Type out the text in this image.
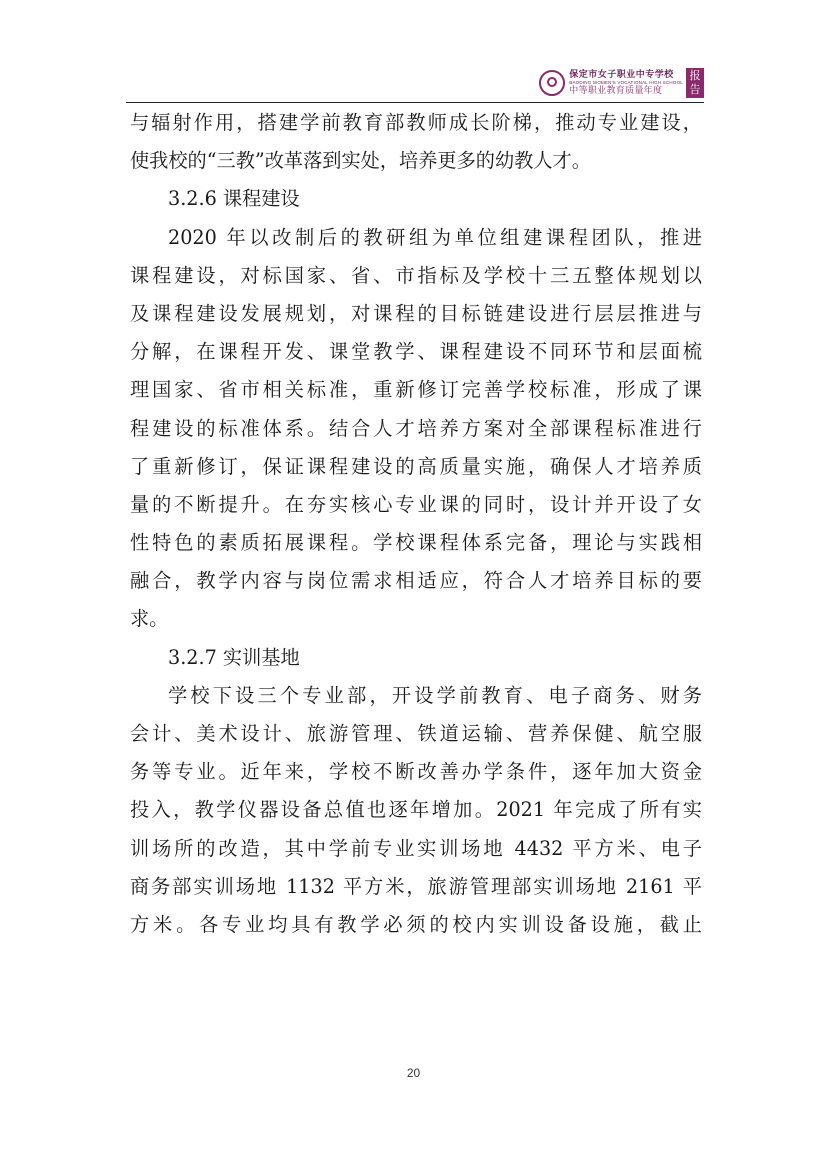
保定市女子职业中专学校
BAODING WOMEN'S VOCATIONAL HIGH SCHOOL
中等职业教育质量年度
报
告
与辐射作用，搭建学前教育部教师成长阶梯，推动专业建设，
使我校的“三教”改革落到实处，培养更多的幼教人才。
3.2.6 课程建设
2020 年以改制后的教研组为单位组建课程团队，推进
课程建设，对标国家、省、市指标及学校十三五整体规划以
及课程建设发展规划，对课程的目标链建设进行层层推进与
分解，在课程开发、课堂教学、课程建设不同环节和层面梳
理国家、省市相关标准，重新修订完善学校标准，形成了课
程建设的标准体系。结合人才培养方案对全部课程标准进行
了重新修订，保证课程建设的高质量实施，确保人才培养质
量的不断提升。在夯实核心专业课的同时，设计并开设了女
性特色的素质拓展课程。学校课程体系完备，理论与实践相
融合，教学内容与岗位需求相适应，符合人才培养目标的要
求。
3.2.7 实训基地
学校下设三个专业部，开设学前教育、电子商务、财务
会计、美术设计、旅游管理、铁道运输、营养保健、航空服
务等专业。近年来，学校不断改善办学条件，逐年加大资金
投入，教学仪器设备总值也逐年增加。2021 年完成了所有实
训场所的改造，其中学前专业实训场地 4432 平方米、电子
商务部实训场地 1132 平方米，旅游管理部实训场地 2161 平
方米。各专业均具有教学必须的校内实训设备设施，截止
20
